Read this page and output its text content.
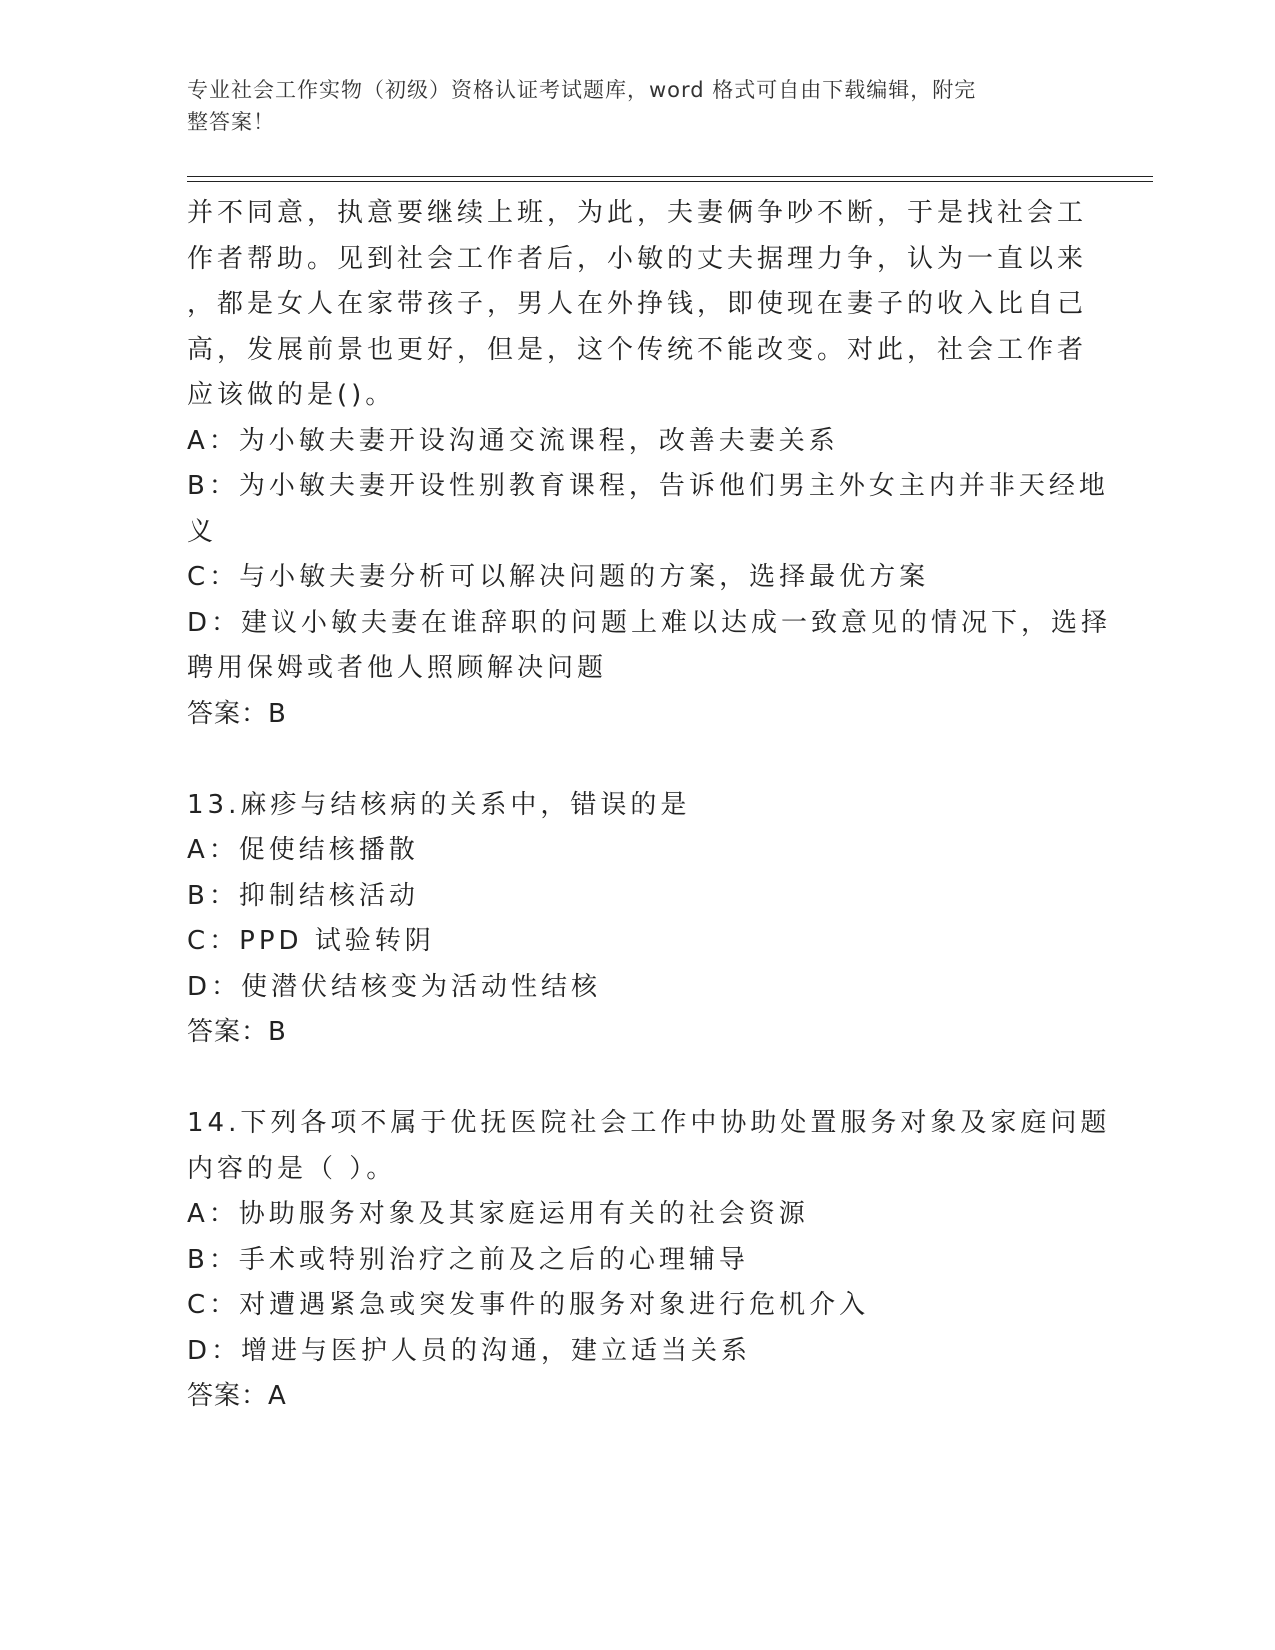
专业社会工作实物（初级）资格认证考试题库，word 格式可自由下载编辑，附完
整答案！
并不同意，执意要继续上班，为此，夫妻俩争吵不断，于是找社会工
作者帮助。见到社会工作者后，小敏的丈夫据理力争，认为一直以来
，都是女人在家带孩子，男人在外挣钱，即使现在妻子的收入比自己
高，发展前景也更好，但是，这个传统不能改变。对此，社会工作者
应该做的是()。
A：为小敏夫妻开设沟通交流课程，改善夫妻关系
B：为小敏夫妻开设性别教育课程，告诉他们男主外女主内并非天经地
义
C：与小敏夫妻分析可以解决问题的方案，选择最优方案
D：建议小敏夫妻在谁辞职的问题上难以达成一致意见的情况下，选择
聘用保姆或者他人照顾解决问题
答案：B
13.麻疹与结核病的关系中，错误的是
A：促使结核播散
B：抑制结核活动
C：PPD 试验转阴
D：使潜伏结核变为活动性结核
答案：B
14.下列各项不属于优抚医院社会工作中协助处置服务对象及家庭问题
内容的是（ ）。
A：协助服务对象及其家庭运用有关的社会资源
B：手术或特别治疗之前及之后的心理辅导
C：对遭遇紧急或突发事件的服务对象进行危机介入
D：增进与医护人员的沟通，建立适当关系
答案：A
